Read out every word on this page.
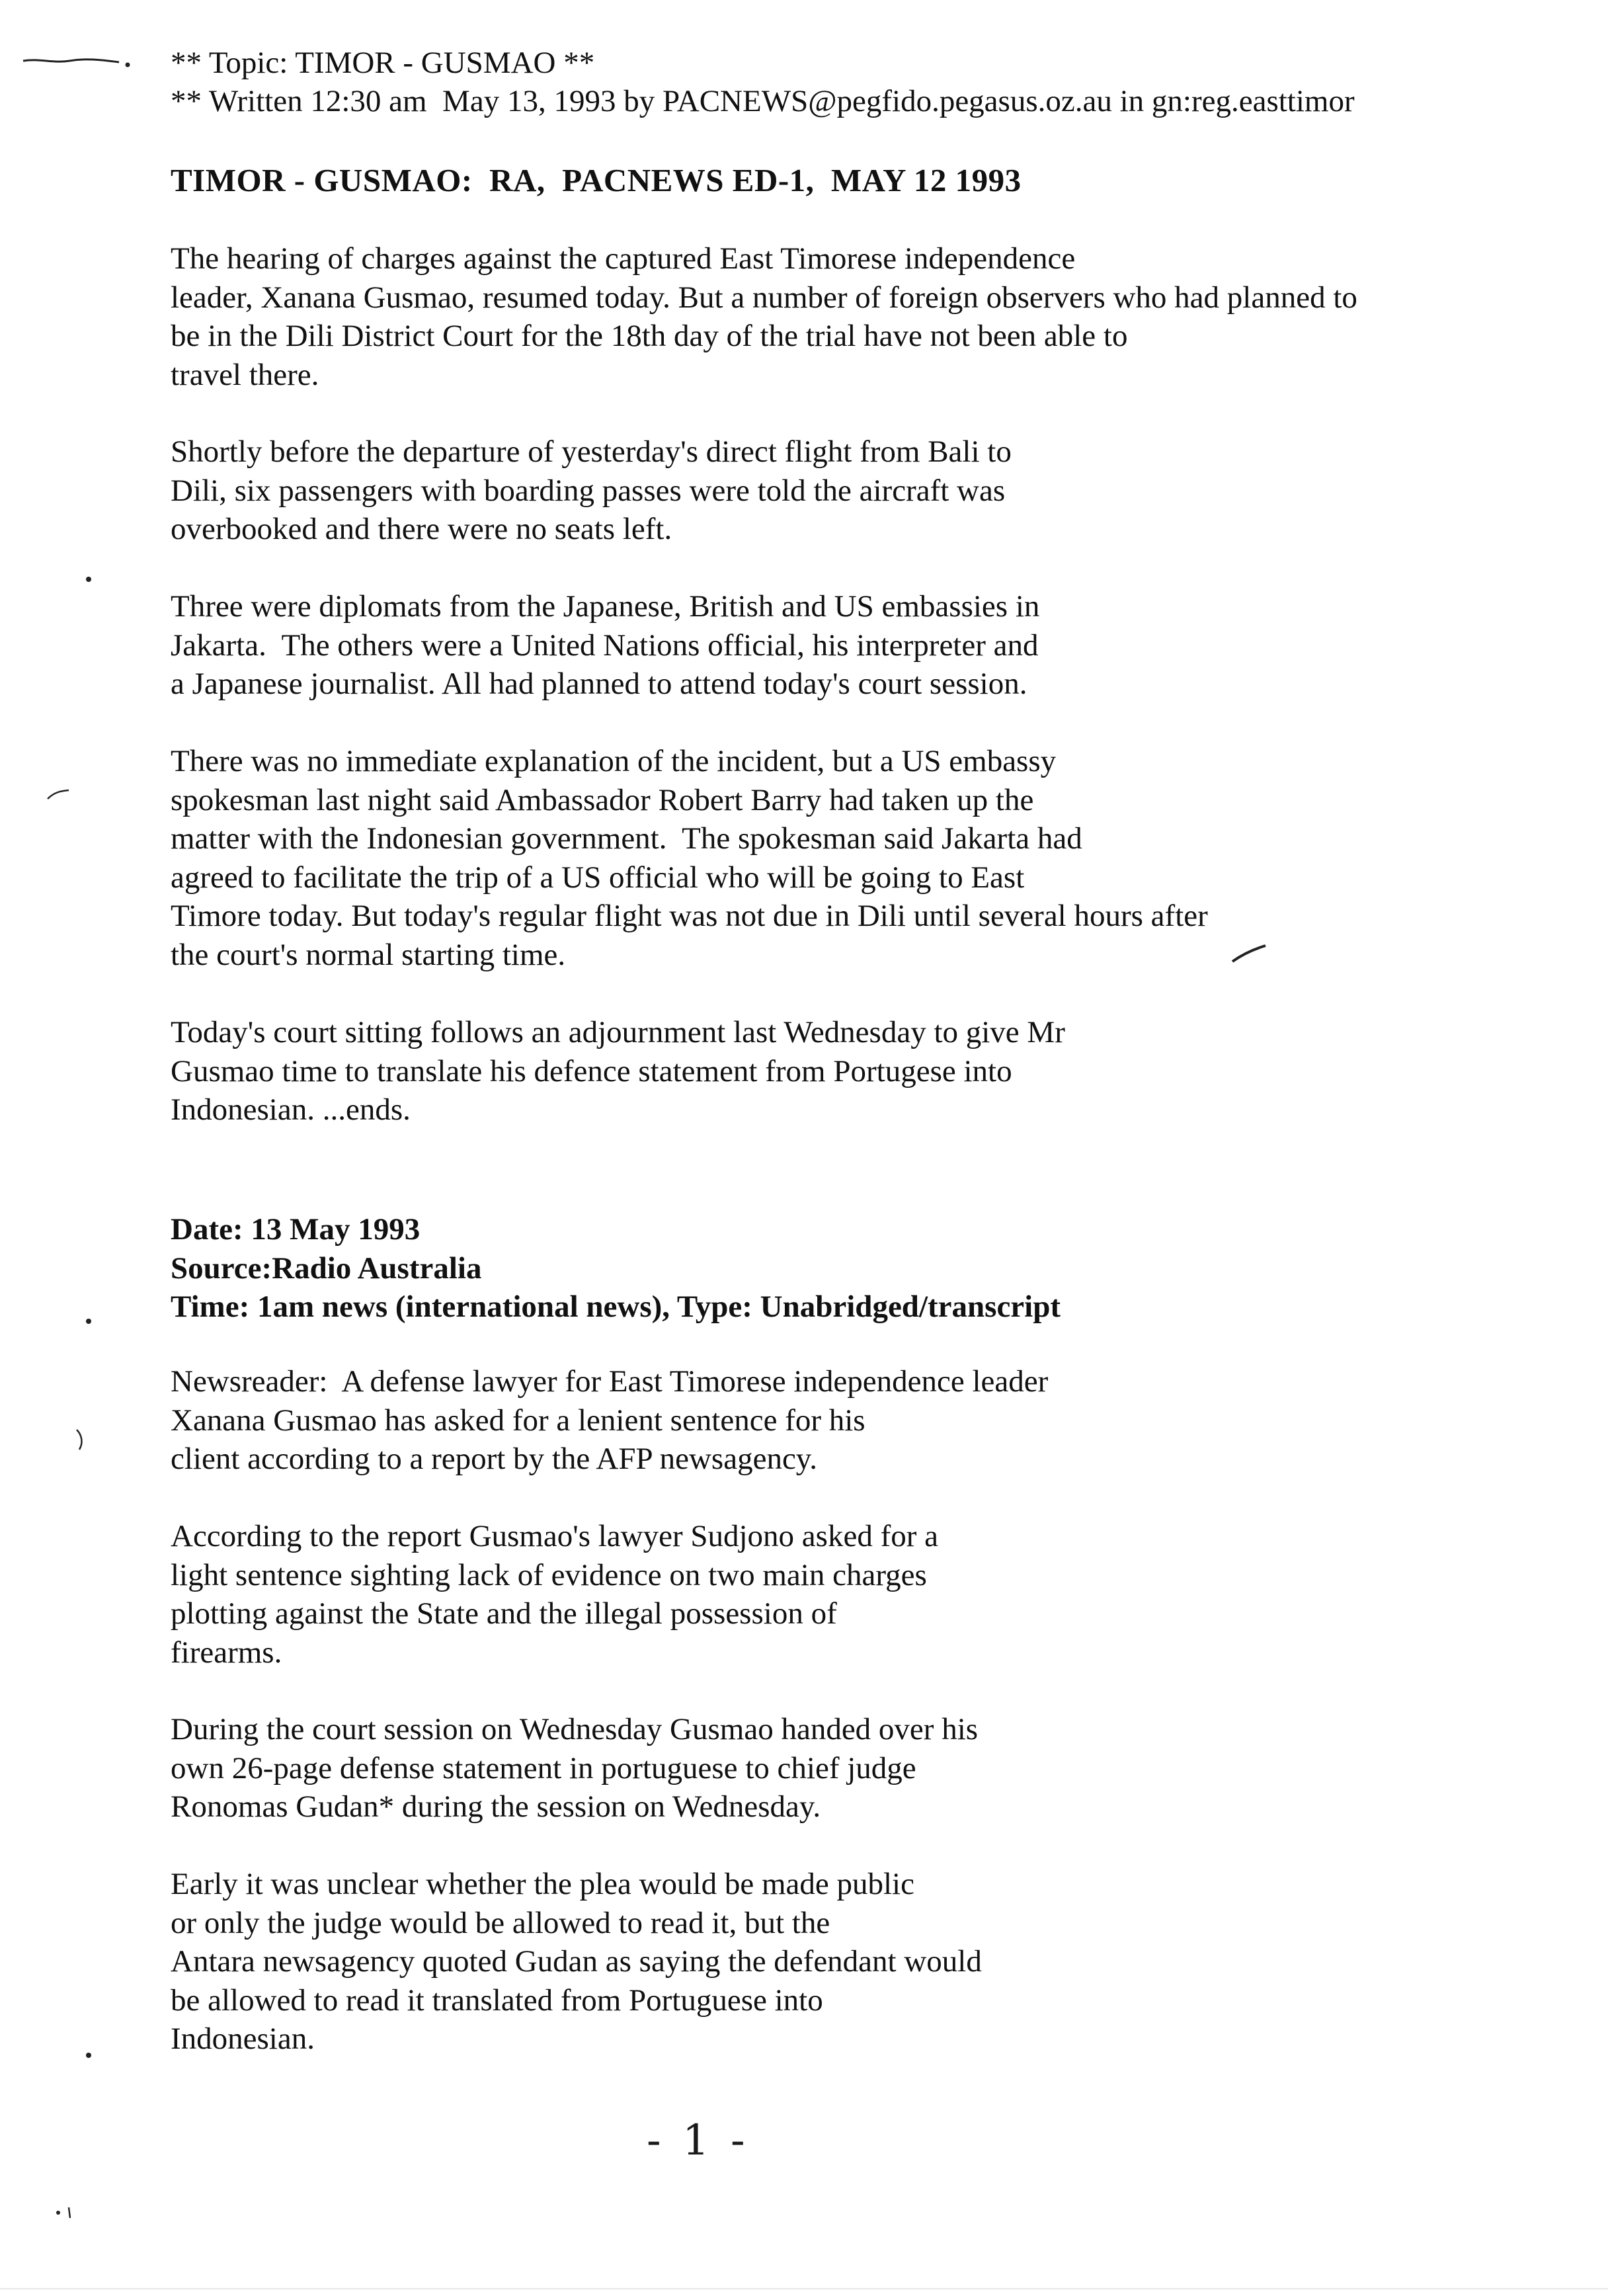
** Topic: TIMOR - GUSMAO **
** Written 12:30 am  May 13, 1993 by PACNEWS@pegfido.pegasus.oz.au in gn:reg.easttimor
TIMOR - GUSMAO:  RA,  PACNEWS ED-1,  MAY 12 1993
The hearing of charges against the captured East Timorese independence
leader, Xanana Gusmao, resumed today. But a number of foreign observers who had planned to
be in the Dili District Court for the 18th day of the trial have not been able to
travel there.
Shortly before the departure of yesterday's direct flight from Bali to
Dili, six passengers with boarding passes were told the aircraft was
overbooked and there were no seats left.
Three were diplomats from the Japanese, British and US embassies in
Jakarta.  The others were a United Nations official, his interpreter and
a Japanese journalist. All had planned to attend today's court session.
There was no immediate explanation of the incident, but a US embassy
spokesman last night said Ambassador Robert Barry had taken up the
matter with the Indonesian government.  The spokesman said Jakarta had
agreed to facilitate the trip of a US official who will be going to East
Timore today. But today's regular flight was not due in Dili until several hours after
the court's normal starting time.
Today's court sitting follows an adjournment last Wednesday to give Mr
Gusmao time to translate his defence statement from Portugese into
Indonesian. ...ends.
Date: 13 May 1993
Source:Radio Australia
Time: 1am news (international news), Type: Unabridged/transcript
Newsreader:  A defense lawyer for East Timorese independence leader
Xanana Gusmao has asked for a lenient sentence for his
client according to a report by the AFP newsagency.
According to the report Gusmao's lawyer Sudjono asked for a
light sentence sighting lack of evidence on two main charges
plotting against the State and the illegal possession of
firearms.
During the court session on Wednesday Gusmao handed over his
own 26-page defense statement in portuguese to chief judge
Ronomas Gudan* during the session on Wednesday.
Early it was unclear whether the plea would be made public
or only the judge would be allowed to read it, but the
Antara newsagency quoted Gudan as saying the defendant would
be allowed to read it translated from Portuguese into
Indonesian.
- 1 -
